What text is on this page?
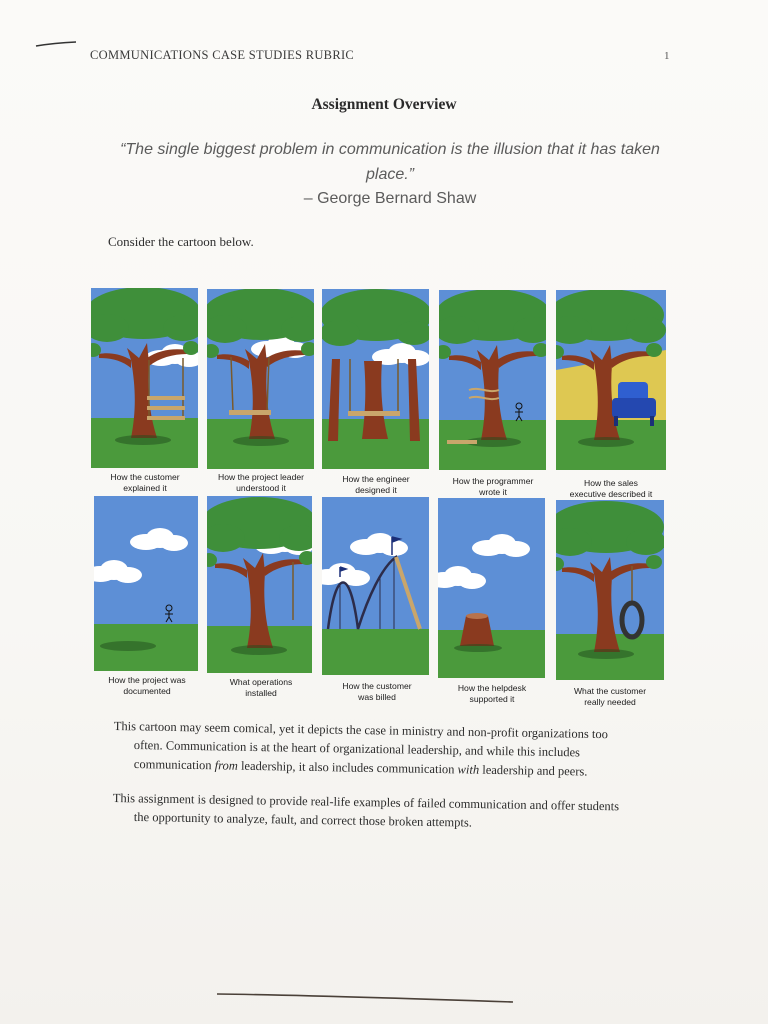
COMMUNICATIONS CASE STUDIES RUBRIC	1
Assignment Overview
“The single biggest problem in communication is the illusion that it has taken place.”
– George Bernard Shaw
Consider the cartoon below.
How the customer
explained it
How the project leader
understood it
How the engineer
designed it
How the programmer
wrote it
How the sales
executive described it
How the project was
documented
What operations
installed
How the customer
was billed
How the helpdesk
supported it
What the customer
really needed
This cartoon may seem comical, yet it depicts the case in ministry and non-profit organizations too
often. Communication is at the heart of organizational leadership, and while this includes
communication from leadership, it also includes communication with leadership and peers.
This assignment is designed to provide real-life examples of failed communication and offer students
the opportunity to analyze, fault, and correct those broken attempts.
